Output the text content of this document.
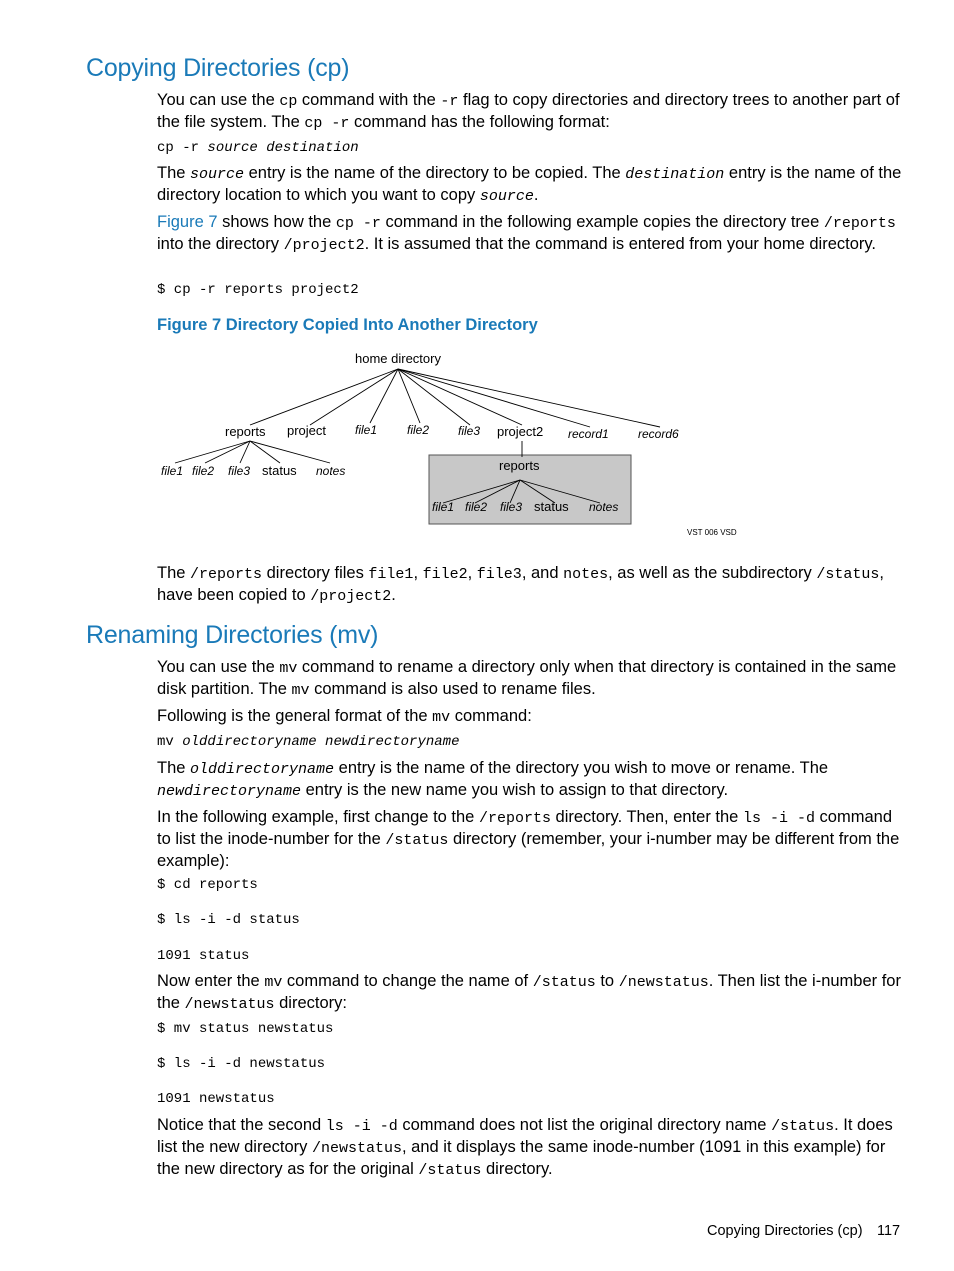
Copying Directories (cp)

You can use the cp command with the -r flag to copy directories and directory trees to another part of the file system. The cp -r command has the following format:

cp -r source destination

The source entry is the name of the directory to be copied. The destination entry is the name of the directory location to which you want to copy source.

Figure 7 shows how the cp -r command in the following example copies the directory tree /reports into the directory /project2. It is assumed that the command is entered from your home directory.

$ cp -r reports project2

Figure 7 Directory Copied Into Another Directory
home directory
reports project file1 file2 file3 project2 record1 record6
file1 file2 file3 status notes	reports
file1 file2 file3 status notes
VST 006 VSD

The /reports directory files file1, file2, file3, and notes, as well as the subdirectory /status, have been copied to /project2.

Renaming Directories (mv)

You can use the mv command to rename a directory only when that directory is contained in the same disk partition. The mv command is also used to rename files.

Following is the general format of the mv command:

mv olddirectoryname newdirectoryname

The olddirectoryname entry is the name of the directory you wish to move or rename. The newdirectoryname entry is the new name you wish to assign to that directory.

In the following example, first change to the /reports directory. Then, enter the ls -i -d command to list the inode-number for the /status directory (remember, your i-number may be different from the example):

$ cd reports

$ ls -i -d status

1091 status

Now enter the mv command to change the name of /status to /newstatus. Then list the i-number for the /newstatus directory:

$ mv status newstatus

$ ls -i -d newstatus

1091 newstatus

Notice that the second ls -i -d command does not list the original directory name /status. It does list the new directory /newstatus, and it displays the same inode-number (1091 in this example) for the new directory as for the original /status directory.

Copying Directories (cp) 117
